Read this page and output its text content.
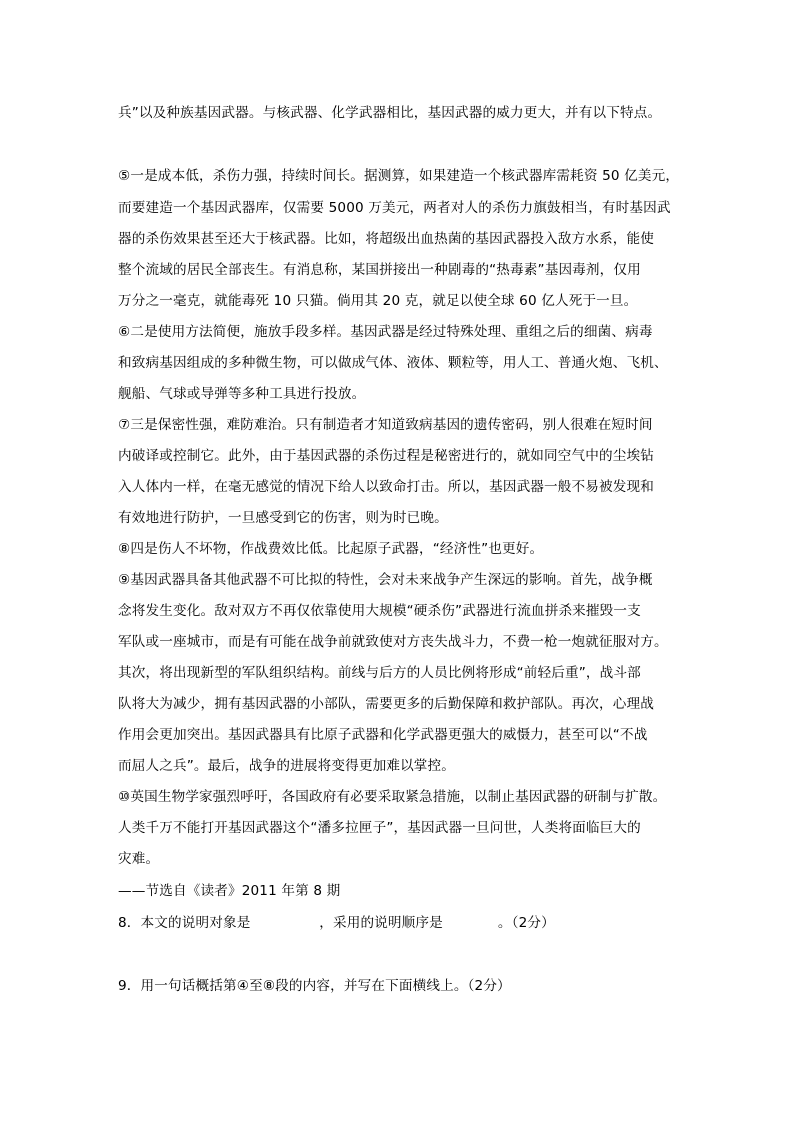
兵”以及种族基因武器。与核武器、化学武器相比，基因武器的威力更大，并有以下特点。
⑤一是成本低，杀伤力强，持续时间长。据测算，如果建造一个核武器库需耗资 50 亿美元，
而要建造一个基因武器库，仅需要 5000 万美元，两者对人的杀伤力旗鼓相当，有时基因武
器的杀伤效果甚至还大于核武器。比如，将超级出血热菌的基因武器投入敌方水系，能使
整个流域的居民全部丧生。有消息称，某国拼接出一种剧毒的“热毒素”基因毒剂，仅用
万分之一毫克，就能毒死 10 只猫。倘用其 20 克，就足以使全球 60 亿人死于一旦。
⑥二是使用方法简便，施放手段多样。基因武器是经过特殊处理、重组之后的细菌、病毒
和致病基因组成的多种微生物，可以做成气体、液体、颗粒等，用人工、普通火炮、飞机、
舰船、气球或导弹等多种工具进行投放。
⑦三是保密性强，难防难治。只有制造者才知道致病基因的遗传密码，别人很难在短时间
内破译或控制它。此外，由于基因武器的杀伤过程是秘密进行的，就如同空气中的尘埃钻
入人体内一样，在毫无感觉的情况下给人以致命打击。所以，基因武器一般不易被发现和
有效地进行防护，一旦感受到它的伤害，则为时已晚。
⑧四是伤人不坏物，作战费效比低。比起原子武器，“经济性”也更好。
⑨基因武器具备其他武器不可比拟的特性，会对未来战争产生深远的影响。首先，战争概
念将发生变化。敌对双方不再仅依靠使用大规模“硬杀伤”武器进行流血拼杀来摧毁一支
军队或一座城市，而是有可能在战争前就致使对方丧失战斗力，不费一枪一炮就征服对方。
其次，将出现新型的军队组织结构。前线与后方的人员比例将形成“前轻后重”，战斗部
队将大为减少，拥有基因武器的小部队，需要更多的后勤保障和救护部队。再次，心理战
作用会更加突出。基因武器具有比原子武器和化学武器更强大的威慑力，甚至可以“不战
而屈人之兵”。最后，战争的进展将变得更加难以掌控。
⑩英国生物学家强烈呼吁，各国政府有必要采取紧急措施，以制止基因武器的研制与扩散。
人类千万不能打开基因武器这个“潘多拉匣子”，基因武器一旦问世，人类将面临巨大的
灾难。
——节选自《读者》2011 年第 8 期
8．本文的说明对象是　　　　　，采用的说明顺序是　　　　。（2分）
9．用一句话概括第④至⑧段的内容，并写在下面横线上。（2分）
